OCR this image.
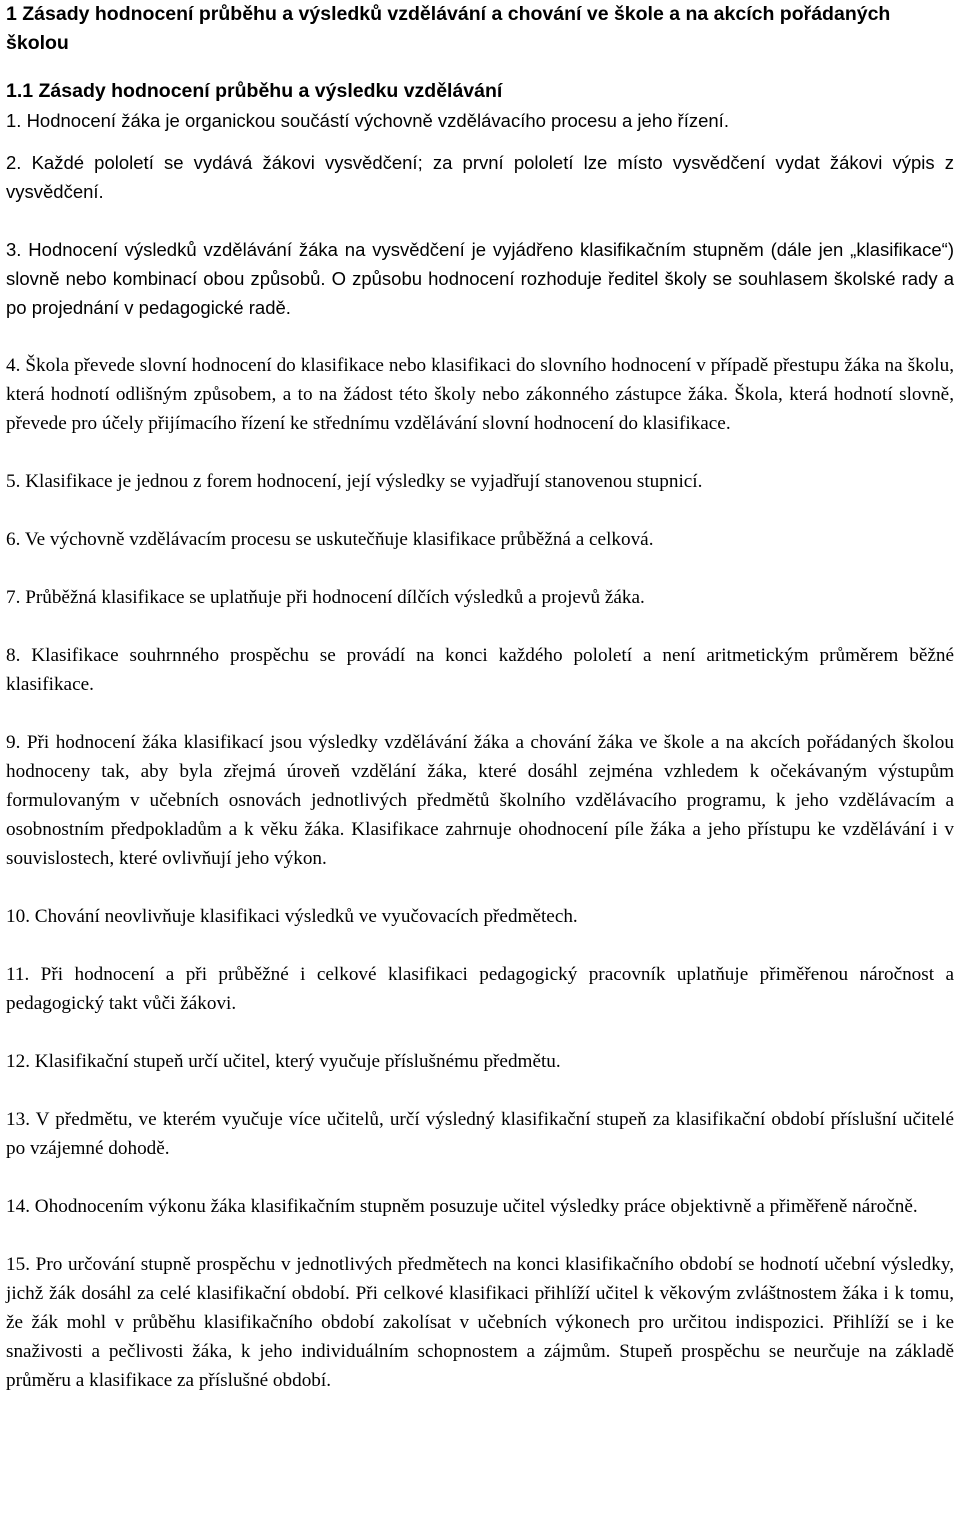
1 Zásady hodnocení průběhu a výsledků vzdělávání a chování ve škole a na akcích pořádaných školou
1.1 Zásady hodnocení průběhu a výsledku vzdělávání

1. Hodnocení žáka je organickou součástí výchovně vzdělávacího procesu a jeho řízení.

2. Každé pololetí se vydává žákovi vysvědčení; za první pololetí lze místo vysvědčení vydat žákovi výpis z vysvědčení.

3. Hodnocení výsledků vzdělávání žáka na vysvědčení je vyjádřeno klasifikačním stupněm (dále jen „klasifikace“) slovně nebo kombinací obou způsobů. O způsobu hodnocení rozhoduje ředitel školy se souhlasem školské rady a po projednání v pedagogické radě.

4. Škola převede slovní hodnocení do klasifikace nebo klasifikaci do slovního hodnocení v případě přestupu žáka na školu, která hodnotí odlišným způsobem, a to na žádost této školy nebo zákonného zástupce žáka. Škola, která hodnotí slovně, převede pro účely přijímacího řízení ke střednímu vzdělávání slovní hodnocení do klasifikace.

5. Klasifikace je jednou z forem hodnocení, její výsledky se vyjadřují stanovenou stupnicí.

6. Ve výchovně vzdělávacím procesu se uskutečňuje klasifikace průběžná a celková.

7. Průběžná klasifikace se uplatňuje při hodnocení dílčích výsledků a projevů žáka.

8. Klasifikace souhrnného prospěchu se provádí na konci každého pololetí a není aritmetickým průměrem běžné klasifikace.

9. Při hodnocení žáka klasifikací jsou výsledky vzdělávání žáka a chování žáka ve škole a na akcích pořádaných školou hodnoceny tak, aby byla zřejmá úroveň vzdělání žáka, které dosáhl zejména vzhledem k očekávaným výstupům formulovaným v učebních osnovách jednotlivých předmětů školního vzdělávacího programu, k jeho vzdělávacím a osobnostním předpokladům a k věku žáka. Klasifikace zahrnuje ohodnocení píle žáka a jeho přístupu ke vzdělávání i v souvislostech, které ovlivňují jeho výkon.

10. Chování neovlivňuje klasifikaci výsledků ve vyučovacích předmětech.

11. Při hodnocení a při průběžné i celkové klasifikaci pedagogický pracovník uplatňuje přiměřenou náročnost a pedagogický takt vůči žákovi.

12. Klasifikační stupeň určí učitel, který vyučuje příslušnému předmětu.

13. V předmětu, ve kterém vyučuje více učitelů, určí výsledný klasifikační stupeň za klasifikační období příslušní učitelé po vzájemné dohodě.

14. Ohodnocením výkonu žáka klasifikačním stupněm posuzuje učitel výsledky práce objektivně a přiměřeně náročně.

15. Pro určování stupně prospěchu v jednotlivých předmětech na konci klasifikačního období se hodnotí učební výsledky, jichž žák dosáhl za celé klasifikační období. Při celkové klasifikaci přihlíží učitel k věkovým zvláštnostem žáka i k tomu, že žák mohl v průběhu klasifikačního období zakolísat v učebních výkonech pro určitou indispozici. Přihlíží se i ke snaživosti a pečlivosti žáka, k jeho individuálním schopnostem a zájmům. Stupeň prospěchu se neurčuje na základě průměru a klasifikace za příslušné období.
